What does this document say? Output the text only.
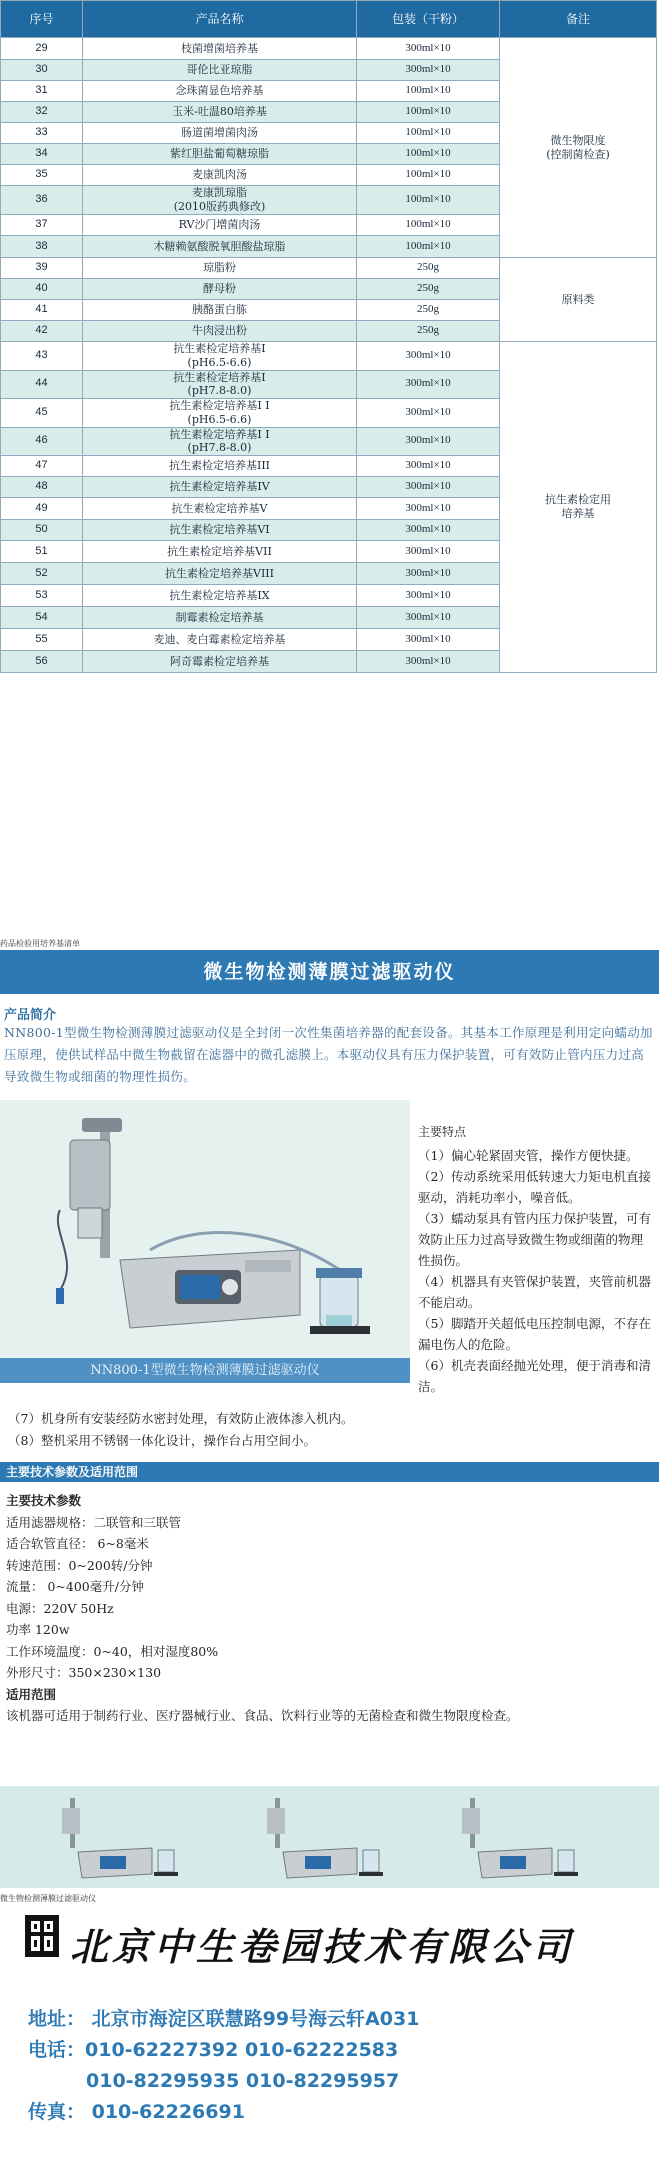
序号	产品名称	包装（干粉）	备注
29	枝菌增菌培养基	300ml×10	微生物限度
(控制菌检查)
30	哥伦比亚琼脂	300ml×10	
31	念珠菌显色培养基	100ml×10	
32	玉米-吐温80培养基	100ml×10	
33	肠道菌增菌肉汤	100ml×10	
34	紫红胆盐葡萄糖琼脂	100ml×10	
35	麦康凯肉汤	100ml×10	
36	麦康凯琼脂
(2010版药典修改)	100ml×10	
37	RV沙门增菌肉汤	100ml×10	
38	木糖赖氨酸脱氧胆酸盐琼脂	100ml×10	
39	琼脂粉	250g	原料类
40	酵母粉	250g	
41	胰酪蛋白胨	250g	
42	牛肉浸出粉	250g	
43	抗生素检定培养基I
(pH6.5-6.6)	300ml×10	抗生素检定用
培养基
44	抗生素检定培养基I
(pH7.8-8.0)	300ml×10	
45	抗生素检定培养基I I
(pH6.5-6.6)	300ml×10	
46	抗生素检定培养基I I
(pH7.8-8.0)	300ml×10	
47	抗生素检定培养基III	300ml×10	
48	抗生素检定培养基IV	300ml×10	
49	抗生素检定培养基V	300ml×10	
50	抗生素检定培养基VI	300ml×10	
51	抗生素检定培养基VII	300ml×10	
52	抗生素检定培养基VIII	300ml×10	
53	抗生素检定培养基IX	300ml×10	
54	制霉素检定培养基	300ml×10	
55	麦迪、麦白霉素检定培养基	300ml×10	
56	阿奇霉素检定培养基	300ml×10	
药品检验用培养基清单
微生物检测薄膜过滤驱动仪
产品简介
NN800-1型微生物检测薄膜过滤驱动仪是全封闭一次性集菌培养器的配套设备。其基本工作原理是利用定向蠕动加压原理，使供试样品中微生物截留在滤器中的微孔滤膜上。本驱动仪具有压力保护装置，可有效防止管内压力过高导致微生物或细菌的物理性损伤。
NN800-1型微生物检测薄膜过滤驱动仪
主要特点

（1）偏心轮紧固夹管，操作方便快捷。

（2）传动系统采用低转速大力矩电机直接驱动，消耗功率小，噪音低。

（3）蠕动泵具有管内压力保护装置，可有效防止压力过高导致微生物或细菌的物理性损伤。

（4）机器具有夹管保护装置，夹管前机器不能启动。

（5）脚踏开关超低电压控制电源，不存在漏电伤人的危险。

（6）机壳表面经抛光处理，便于消毒和清洁。

（7）机身所有安装经防水密封处理，有效防止液体渗入机内。
（8）整机采用不锈钢一体化设计，操作台占用空间小。
主要技术参数及适用范围
主要技术参数
适用滤器规格：二联管和三联管
适合软管直径： 6~8毫米
转速范围：0~200转/分钟
流量： 0~400毫升/分钟
电源：220V 50Hz
功率 120w
工作环境温度：0~40，相对湿度80%
外形尺寸：350×230×130
适用范围
该机器可适用于制药行业、医疗器械行业、食品、饮料行业等的无菌检查和微生物限度检查。
微生物检测薄膜过滤驱动仪
北京中生卷园技术有限公司
地址： 北京市海淀区联慧路99号海云轩A031
电话：010-62227392 010-62222583
010-82295935 010-82295957
传真： 010-62226691
